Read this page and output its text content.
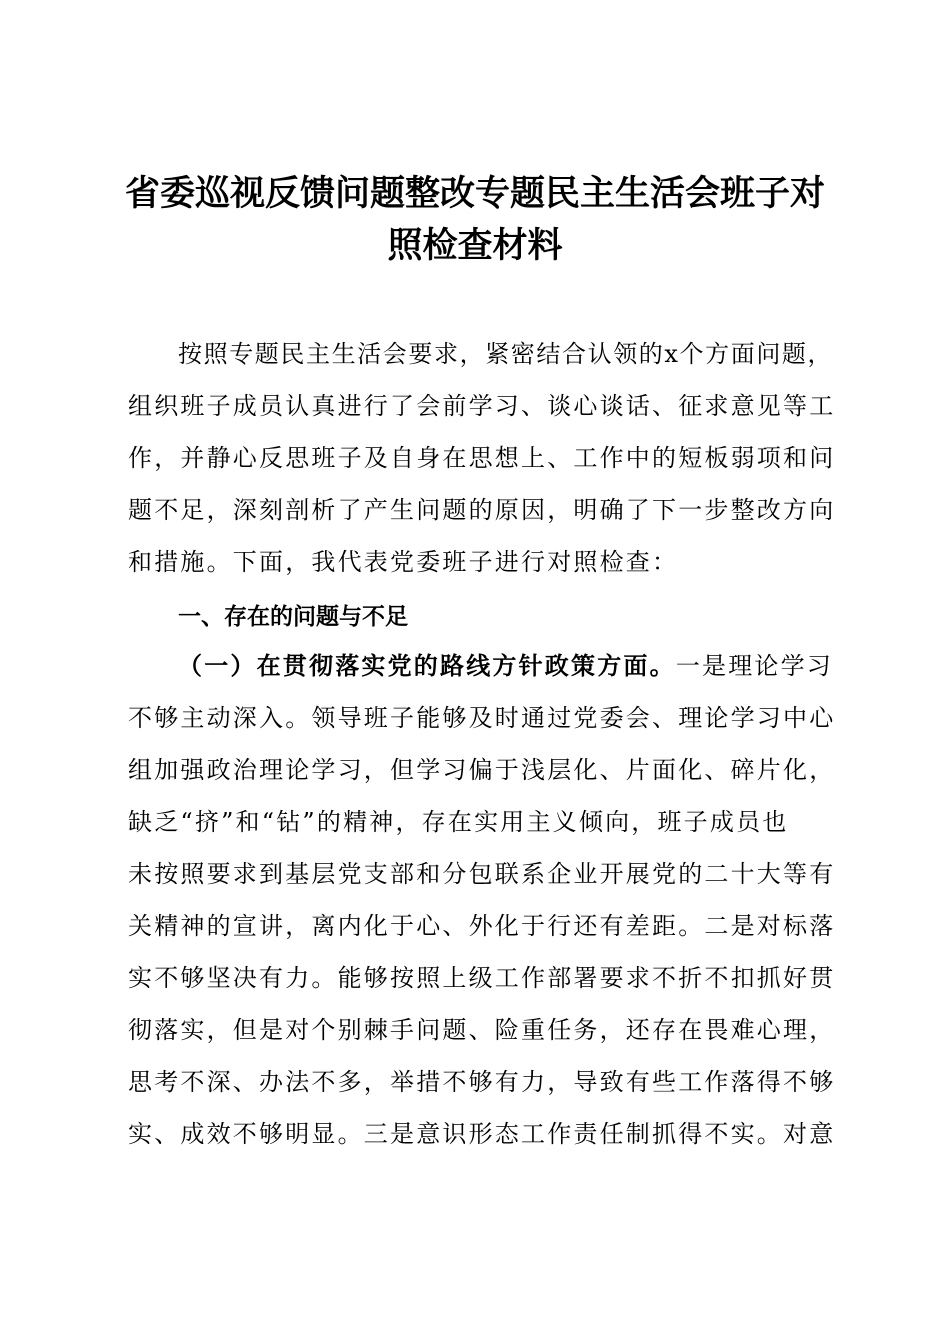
省委巡视反馈问题整改专题民主生活会班子对
照检查材料
按照专题民主生活会要求，紧密结合认领的x个方面问题，
组织班子成员认真进行了会前学习、谈心谈话、征求意见等工
作，并静心反思班子及自身在思想上、工作中的短板弱项和问
题不足，深刻剖析了产生问题的原因，明确了下一步整改方向
和措施。下面，我代表党委班子进行对照检查：
一、存在的问题与不足
（一）在贯彻落实党的路线方针政策方面。一是理论学习
不够主动深入。领导班子能够及时通过党委会、理论学习中心
组加强政治理论学习，但学习偏于浅层化、片面化、碎片化，
缺乏“挤”和“钻”的精神，存在实用主义倾向，班子成员也
未按照要求到基层党支部和分包联系企业开展党的二十大等有
关精神的宣讲，离内化于心、外化于行还有差距。二是对标落
实不够坚决有力。能够按照上级工作部署要求不折不扣抓好贯
彻落实，但是对个别棘手问题、险重任务，还存在畏难心理，
思考不深、办法不多，举措不够有力，导致有些工作落得不够
实、成效不够明显。三是意识形态工作责任制抓得不实。对意
